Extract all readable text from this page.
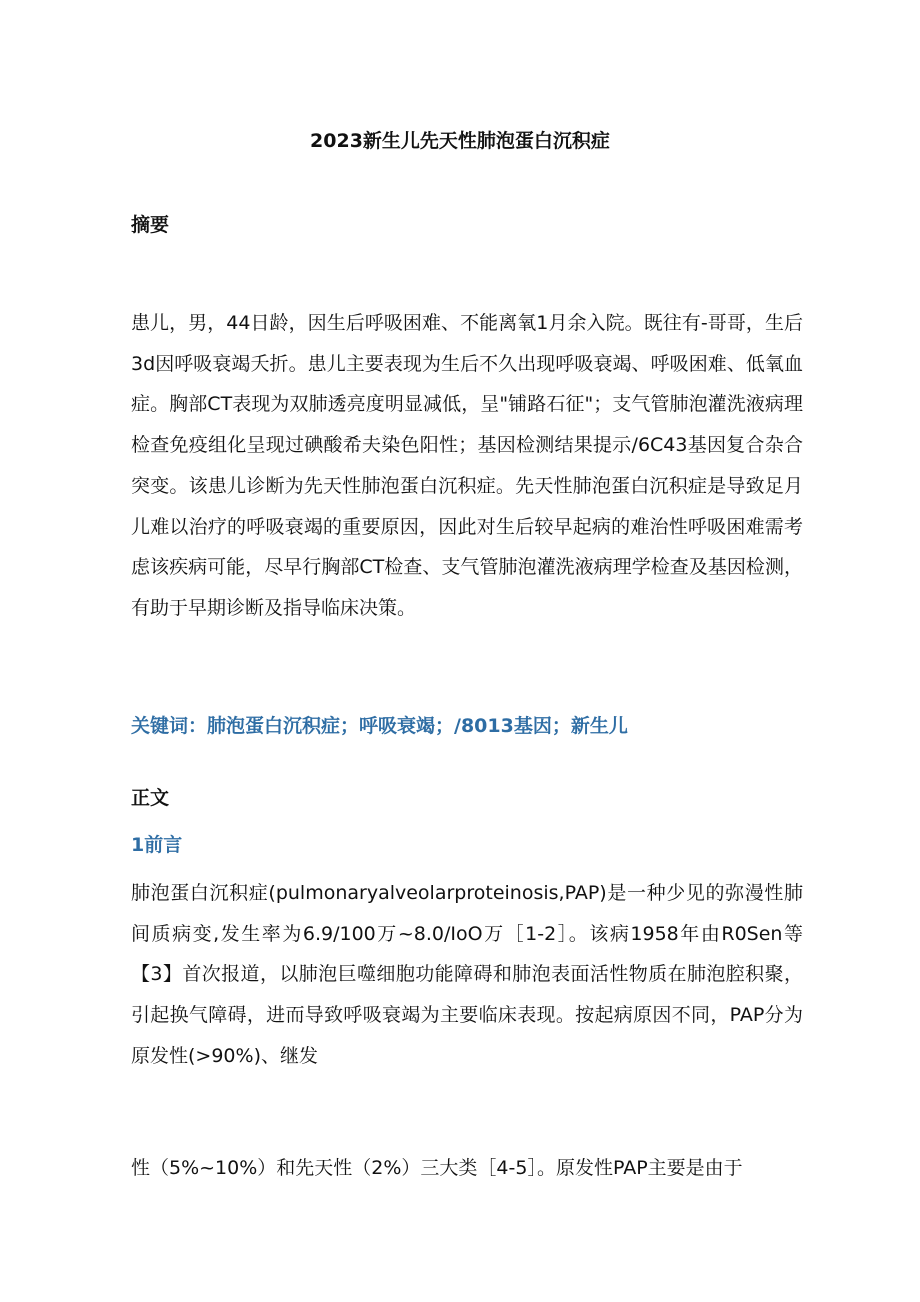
2023新生儿先天性肺泡蛋白沉积症
摘要

患儿，男，44日龄，因生后呼吸困难、不能离氧1月余入院。既往有-哥哥，生后3d因呼吸衰竭夭折。患儿主要表现为生后不久出现呼吸衰竭、呼吸困难、低氧血症。胸部CT表现为双肺透亮度明显减低，呈"铺路石征"；支气管肺泡灌洗液病理检查免疫组化呈现过碘酸希夫染色阳性；基因检测结果提示/6C43基因复合杂合突变。该患儿诊断为先天性肺泡蛋白沉积症。先天性肺泡蛋白沉积症是导致足月儿难以治疗的呼吸衰竭的重要原因，因此对生后较早起病的难治性呼吸困难需考虑该疾病可能，尽早行胸部CT检查、支气管肺泡灌洗液病理学检查及基因检测，有助于早期诊断及指导临床决策。

关键词：肺泡蛋白沉积症；呼吸衰竭；/8013基因；新生儿

正文
1前言

肺泡蛋白沉积症(pulmonaryalveolarproteinosis,PAP)是一种少见的弥漫性肺间质病变,发生率为6.9/100万~8.0/IoO万［1-2］。该病1958年由R0Sen等【3】首次报道，以肺泡巨噬细胞功能障碍和肺泡表面活性物质在肺泡腔积聚，引起换气障碍，进而导致呼吸衰竭为主要临床表现。按起病原因不同，PAP分为原发性(>90%)、继发

性（5%~10%）和先天性（2%）三大类［4-5］。原发性PAP主要是由于
